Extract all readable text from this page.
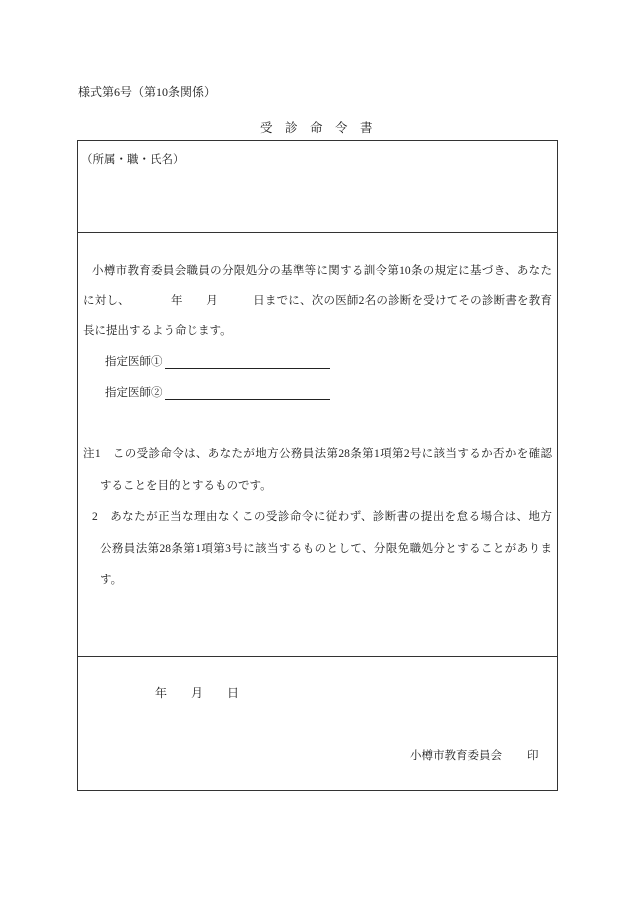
様式第6号（第10条関係）
受　診　命　令　書
（所属・職・氏名）
小樽市教育委員会職員の分限処分の基準等に関する訓令第10条の規定に基づき、あなた
に対し、　　　　年　　月　　　日までに、次の医師2名の診断を受けてその診断書を教育
長に提出するよう命じます。
指定医師①
指定医師②
注1　この受診命令は、あなたが地方公務員法第28条第1項第2号に該当するか否かを確認
することを目的とするものです。
2　あなたが正当な理由なくこの受診命令に従わず、診断書の提出を怠る場合は、地方
公務員法第28条第1項第3号に該当するものとして、分限免職処分とすることがありま
す。
年　　月　　日
小樽市教育委員会 印
